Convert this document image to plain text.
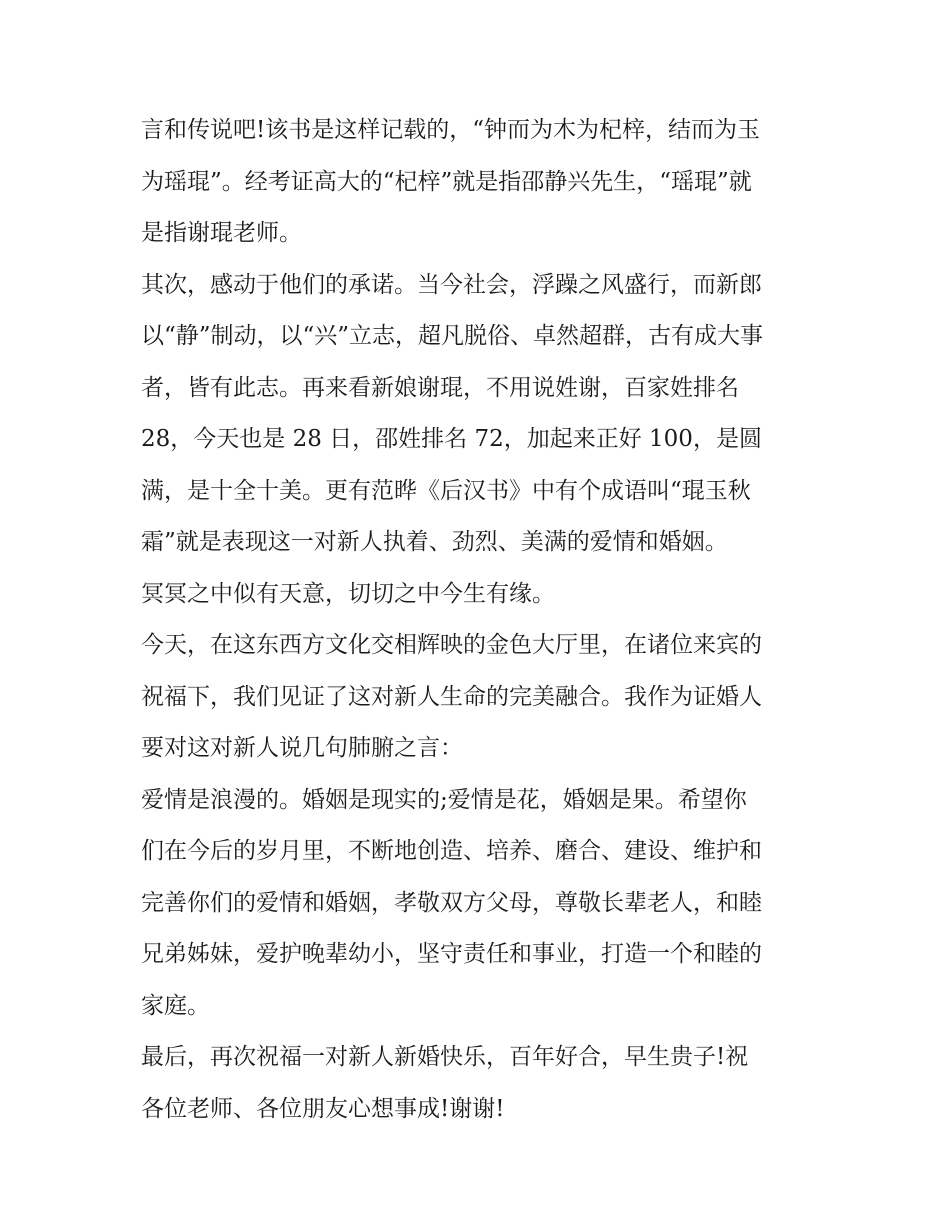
言和传说吧!该书是这样记载的，“钟而为木为杞梓，结而为玉
为瑶琨”。经考证高大的“杞梓”就是指邵静兴先生，“瑶琨”就
是指谢琨老师。
其次，感动于他们的承诺。当今社会，浮躁之风盛行，而新郎
以“静”制动，以“兴”立志，超凡脱俗、卓然超群，古有成大事
者，皆有此志。再来看新娘谢琨，不用说姓谢，百家姓排名
28，今天也是 28 日，邵姓排名 72，加起来正好 100，是圆
满，是十全十美。更有范晔《后汉书》中有个成语叫“琨玉秋
霜”就是表现这一对新人执着、劲烈、美满的爱情和婚姻。
冥冥之中似有天意，切切之中今生有缘。
今天，在这东西方文化交相辉映的金色大厅里，在诸位来宾的
祝福下，我们见证了这对新人生命的完美融合。我作为证婚人
要对这对新人说几句肺腑之言：
爱情是浪漫的。婚姻是现实的;爱情是花，婚姻是果。希望你
们在今后的岁月里，不断地创造、培养、磨合、建设、维护和
完善你们的爱情和婚姻，孝敬双方父母，尊敬长辈老人，和睦
兄弟姊妹，爱护晚辈幼小，坚守责任和事业，打造一个和睦的
家庭。
最后，再次祝福一对新人新婚快乐，百年好合，早生贵子!祝
各位老师、各位朋友心想事成!谢谢!
